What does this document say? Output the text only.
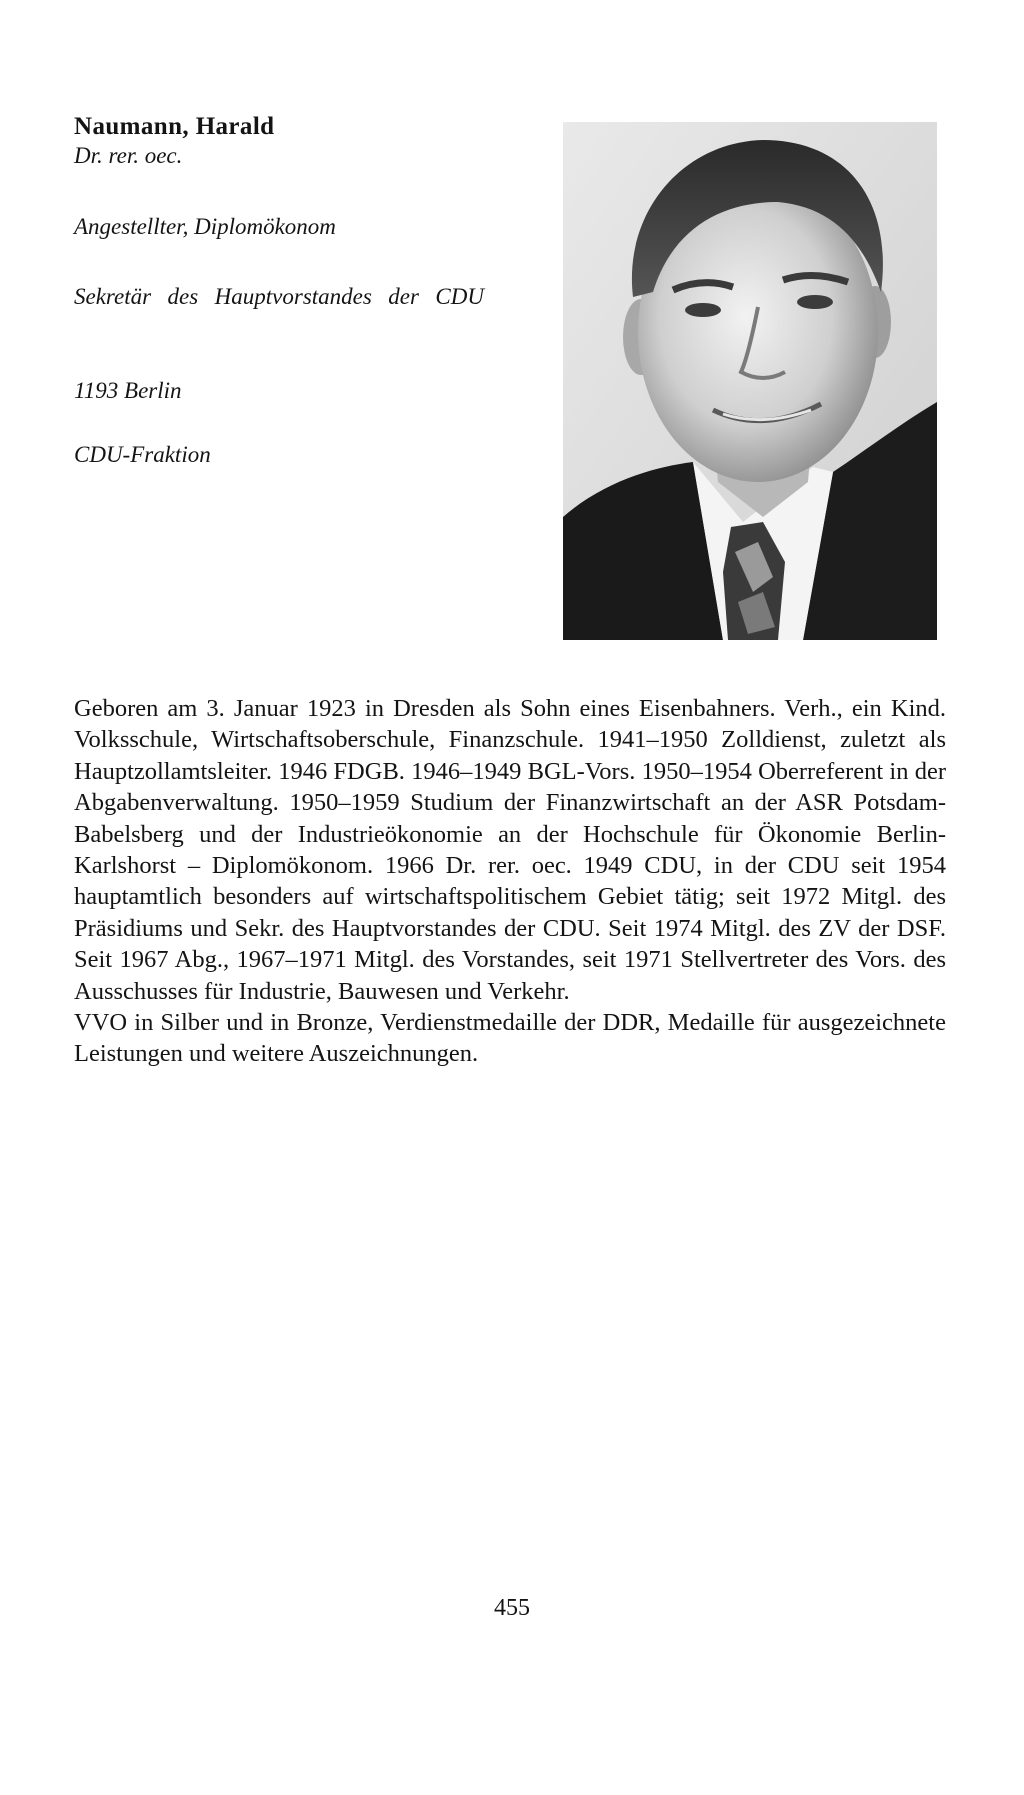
Naumann, Harald

Dr. rer. oec.

Angestellter, Diplomökonom

Sekretär des Hauptvorstandes der CDU

1193 Berlin

CDU-Fraktion

Geboren am 3. Januar 1923 in Dresden als Sohn eines Eisenbahners. Verh., ein Kind. Volksschule, Wirtschaftsoberschule, Finanzschule. 1941–1950 Zolldienst, zuletzt als Hauptzollamtsleiter. 1946 FDGB. 1946–1949 BGL-Vors. 1950–1954 Oberreferent in der Abgabenverwaltung. 1950–1959 Studium der Finanzwirtschaft an der ASR Potsdam-Babelsberg und der Industrieökonomie an der Hochschule für Ökonomie Berlin-Karlshorst – Diplomökonom. 1966 Dr. rer. oec. 1949 CDU, in der CDU seit 1954 hauptamtlich besonders auf wirtschaftspolitischem Gebiet tätig; seit 1972 Mitgl. des Präsidiums und Sekr. des Hauptvorstandes der CDU. Seit 1974 Mitgl. des ZV der DSF. Seit 1967 Abg., 1967–1971 Mitgl. des Vorstandes, seit 1971 Stellvertreter des Vors. des Ausschusses für Industrie, Bauwesen und Verkehr.

VVO in Silber und in Bronze, Verdienstmedaille der DDR, Medaille für ausgezeichnete Leistungen und weitere Auszeichnungen.

455
